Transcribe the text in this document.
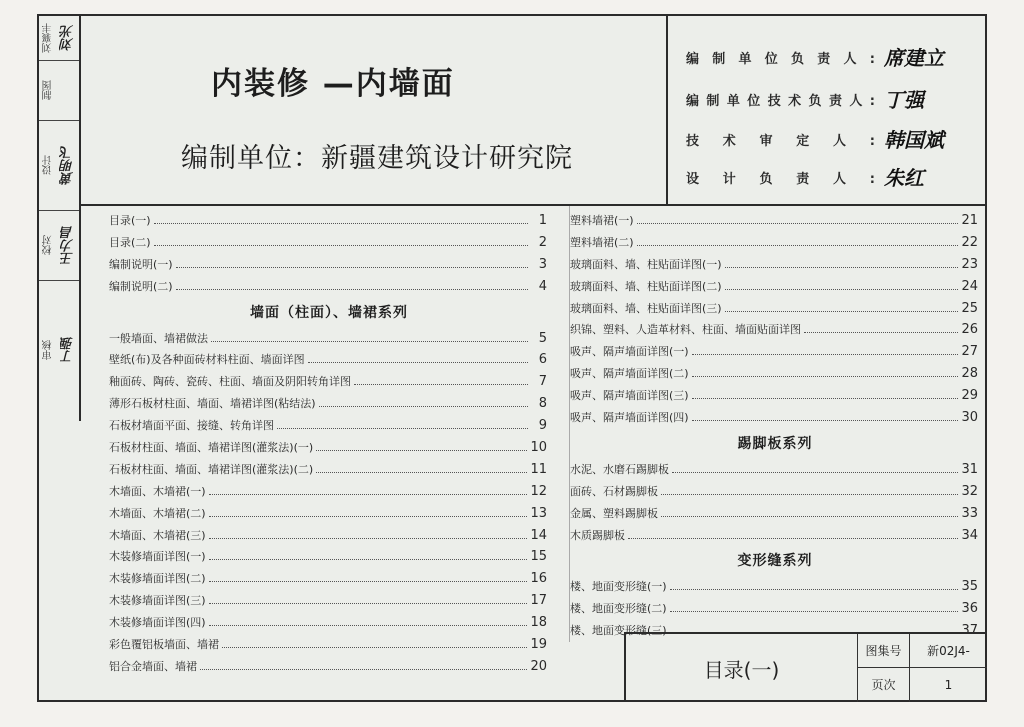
刘襄丰 刘光
制图
设计 黄明飞
校对 王力昌
审核 丁强
内装修 —内墙面
编制单位：新疆建筑设计研究院
编制单位负责人: 席建立
编制单位技术负责人: 丁强
技术审定人: 韩国斌
设计负责人: 朱红
目录(一)	1
目录(二)	2
编制说明(一)	3
编制说明(二)	4
墙面（柱面）、墙裙系列
一般墙面、墙裙做法	5
壁纸(布)及各种面砖材料柱面、墙面详图	6
釉面砖、陶砖、瓷砖、柱面、墙面及阴阳转角详图	7
薄形石板材柱面、墙面、墙裙详图(粘结法)	8
石板材墙面平面、接缝、转角详图	9
石板材柱面、墙面、墙裙详图(灌浆法)(一)	10
石板材柱面、墙面、墙裙详图(灌浆法)(二)	11
木墙面、木墙裙(一)	12
木墙面、木墙裙(二)	13
木墙面、木墙裙(三)	14
木装修墙面详图(一)	15
木装修墙面详图(二)	16
木装修墙面详图(三)	17
木装修墙面详图(四)	18
彩色覆铝板墙面、墙裙	19
铝合金墙面、墙裙	20
塑料墙裙(一)	21
塑料墙裙(二)	22
玻璃面料、墙、柱贴面详图(一)	23
玻璃面料、墙、柱贴面详图(二)	24
玻璃面料、墙、柱贴面详图(三)	25
织锦、塑料、人造革材料、柱面、墙面贴面详图	26
吸声、隔声墙面详图(一)	27
吸声、隔声墙面详图(二)	28
吸声、隔声墙面详图(三)	29
吸声、隔声墙面详图(四)	30
踢脚板系列
水泥、水磨石踢脚板	31
面砖、石材踢脚板	32
金属、塑料踢脚板	33
木质踢脚板	34
变形缝系列
楼、地面变形缝(一)	35
楼、地面变形缝(二)	36
楼、地面变形缝(三)	37
目录(一)
图集号	新02J4-
页次	1
